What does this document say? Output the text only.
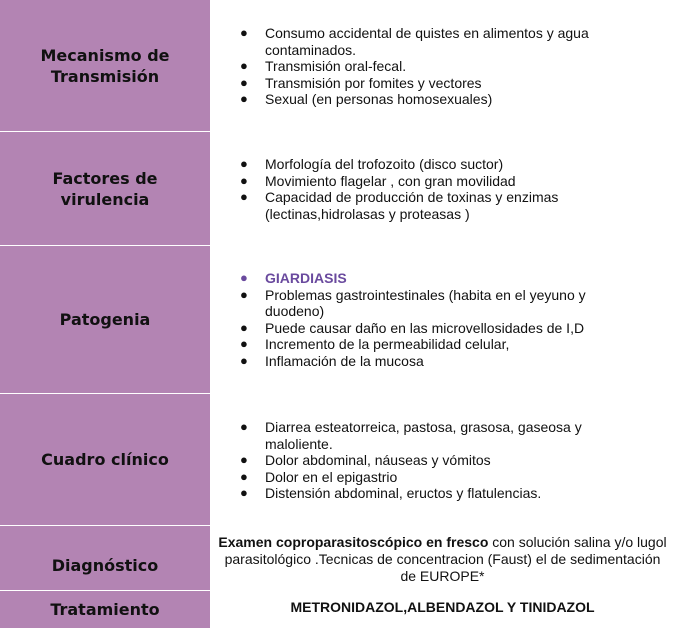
Mecanismo de Transmisión
● Consumo accidental de quistes en alimentos y agua contaminados.
● Transmisión oral-fecal.
● Transmisión por fomites y vectores
● Sexual (en personas homosexuales)
Factores de virulencia
● Morfología del trofozoito (disco suctor)
● Movimiento flagelar , con gran movilidad
● Capacidad de producción de toxinas y enzimas (lectinas,hidrolasas y proteasas )
Patogenia
● GIARDIASIS
● Problemas gastrointestinales (habita en el yeyuno y duodeno)
● Puede causar daño en las microvellosidades de I,D
● Incremento de la permeabilidad celular,
● Inflamación de la mucosa
Cuadro clínico
● Diarrea esteatorreica, pastosa, grasosa, gaseosa y maloliente.
● Dolor abdominal, náuseas y vómitos
● Dolor en el epigastrio
● Distensión abdominal, eructos y flatulencias.
Diagnóstico

Examen coproparasitoscópico en fresco con solución salina y/o lugol parasitológico .Tecnicas de concentracion (Faust) el de sedimentación de EUROPE*

Tratamiento	METRONIDAZOL,ALBENDAZOL Y TINIDAZOL
